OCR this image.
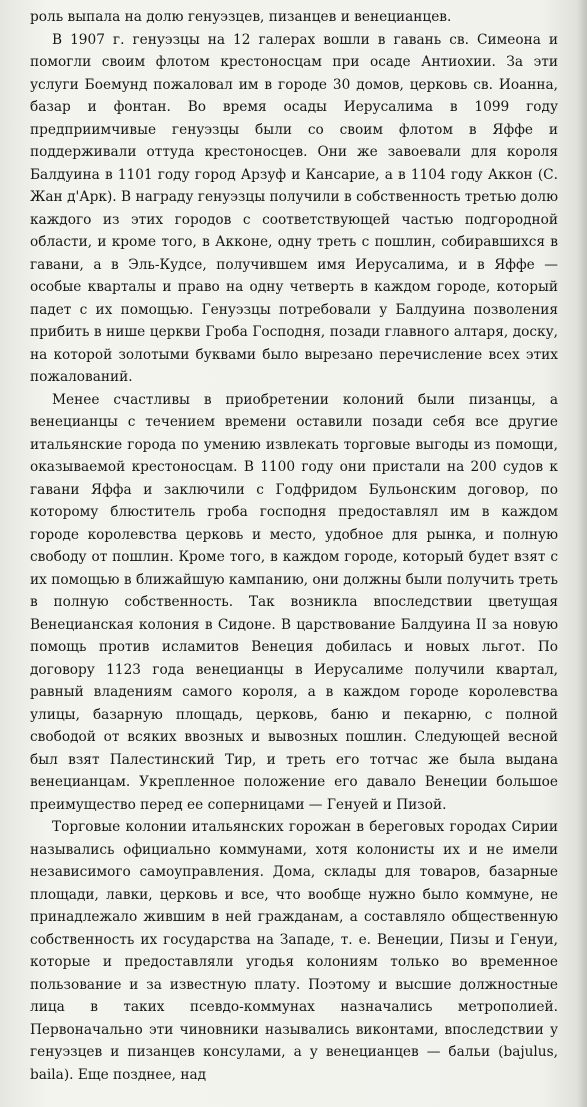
роль выпала на долю генуэзцев, пизанцев и венецианцев.

В 1907 г. генуэзцы на 12 галерах вошли в гавань св. Симеона и помогли своим флотом крестоносцам при осаде Антиохии. За эти услуги Боемунд пожаловал им в городе 30 домов, церковь св. Иоанна, базар и фонтан. Во время осады Иерусалима в 1099 году предприимчивые генуэзцы были со своим флотом в Яффе и поддерживали оттуда крестоносцев. Они же завоевали для короля Балдуина в 1101 году город Арзуф и Кансарие, а в 1104 году Аккон (С. Жан д'Арк). В награду генуэзцы получили в собственность третью долю каждого из этих городов с соответствующей частью подгородной области, и кроме того, в Акконе, одну треть с пошлин, собиравшихся в гавани, а в Эль-Кудсе, получившем имя Иерусалима, и в Яффе — особые кварталы и право на одну четверть в каждом городе, который падет с их помощью. Генуэзцы потребовали у Балдуина позволения прибить в нише церкви Гроба Господня, позади главного алтаря, доску, на которой золотыми буквами было вырезано перечисление всех этих пожалований.

Менее счастливы в приобретении колоний были пизанцы, а венецианцы с течением времени оставили позади себя все другие итальянские города по умению извлекать торговые выгоды из помощи, оказываемой крестоносцам. В 1100 году они пристали на 200 судов к гавани Яффа и заключили с Годфридом Бульонским договор, по которому блюститель гроба господня предоставлял им в каждом городе королевства церковь и место, удобное для рынка, и полную свободу от пошлин. Кроме того, в каждом городе, который будет взят с их помощью в ближайшую кампанию, они должны были получить треть в полную собственность. Так возникла впоследствии цветущая Венецианская колония в Сидоне. В царствование Балдуина II за новую помощь против исламитов Венеция добилась и новых льгот. По договору 1123 года венецианцы в Иерусалиме получили квартал, равный владениям самого короля, а в каждом городе королевства улицы, базарную площадь, церковь, баню и пекарню, с полной свободой от всяких ввозных и вывозных пошлин. Следующей весной был взят Палестинский Тир, и треть его тотчас же была выдана венецианцам. Укрепленное положение его давало Венеции большое преимущество перед ее соперницами — Генуей и Пизой.

Торговые колонии итальянских горожан в береговых городах Сирии назывались официально коммунами, хотя колонисты их и не имели независимого самоуправления. Дома, склады для товаров, базарные площади, лавки, церковь и все, что вообще нужно было коммуне, не принадлежало жившим в ней гражданам, а составляло общественную собственность их государства на Западе, т. е. Венеции, Пизы и Генуи, которые и предоставляли угодья колониям только во временное пользование и за известную плату. Поэтому и высшие должностные лица в таких псевдо-коммунах назначались метрополией. Первоначально эти чиновники назывались виконтами, впоследствии у генуэзцев и пизанцев консулами, а у венецианцев — бальи (bajulus, baila). Еще позднее, над
